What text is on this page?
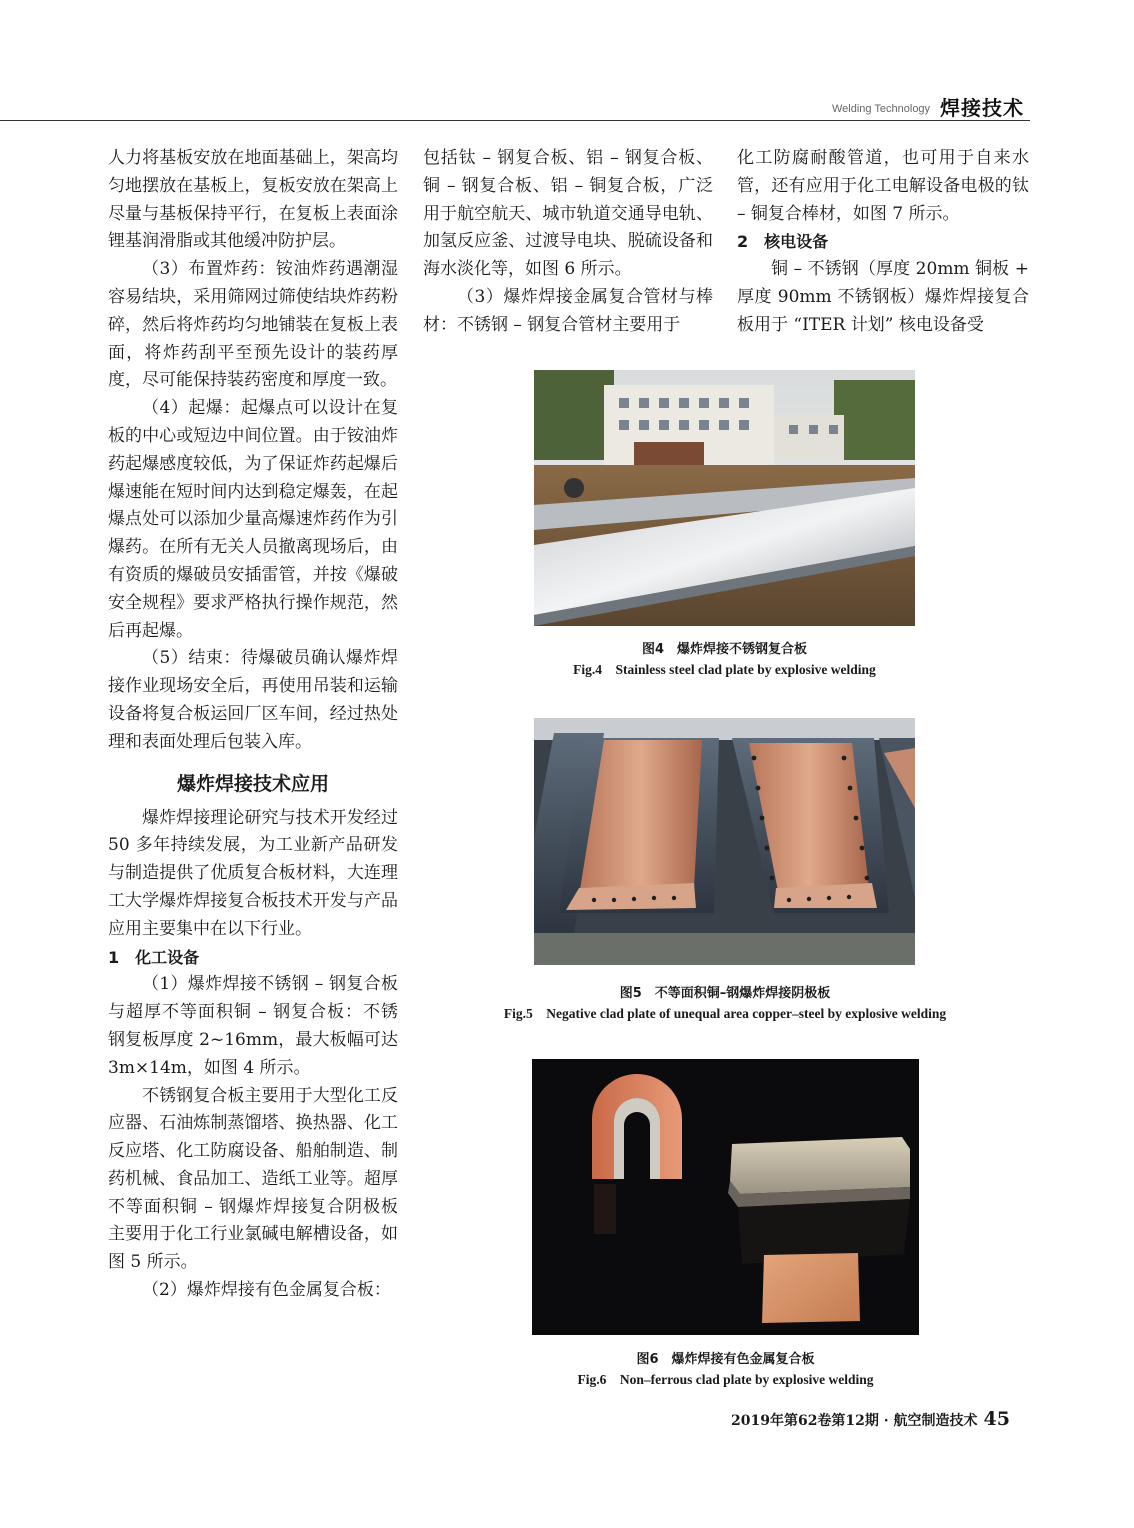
Welding Technology 焊接技术

人力将基板安放在地面基础上，架高均匀地摆放在基板上，复板安放在架高上尽量与基板保持平行，在复板上表面涂锂基润滑脂或其他缓冲防护层。

（3）布置炸药：铵油炸药遇潮湿容易结块，采用筛网过筛使结块炸药粉碎，然后将炸药均匀地铺装在复板上表面，将炸药刮平至预先设计的装药厚度，尽可能保持装药密度和厚度一致。

（4）起爆：起爆点可以设计在复板的中心或短边中间位置。由于铵油炸药起爆感度较低，为了保证炸药起爆后爆速能在短时间内达到稳定爆轰，在起爆点处可以添加少量高爆速炸药作为引爆药。在所有无关人员撤离现场后，由有资质的爆破员安插雷管，并按《爆破安全规程》要求严格执行操作规范，然后再起爆。

（5）结束：待爆破员确认爆炸焊接作业现场安全后，再使用吊装和运输设备将复合板运回厂区车间，经过热处理和表面处理后包装入库。

爆炸焊接技术应用

爆炸焊接理论研究与技术开发经过 50 多年持续发展，为工业新产品研发与制造提供了优质复合板材料，大连理工大学爆炸焊接复合板技术开发与产品应用主要集中在以下行业。

1　化工设备

（1）爆炸焊接不锈钢 – 钢复合板与超厚不等面积铜 – 钢复合板：不锈钢复板厚度 2~16mm，最大板幅可达 3m×14m，如图 4 所示。

不锈钢复合板主要用于大型化工反应器、石油炼制蒸馏塔、换热器、化工反应塔、化工防腐设备、船舶制造、制药机械、食品加工、造纸工业等。超厚不等面积铜 – 钢爆炸焊接复合阴极板主要用于化工行业氯碱电解槽设备，如图 5 所示。

（2）爆炸焊接有色金属复合板：

包括钛 – 钢复合板、铝 – 钢复合板、铜 – 钢复合板、铝 – 铜复合板，广泛用于航空航天、城市轨道交通导电轨、加氢反应釜、过渡导电块、脱硫设备和海水淡化等，如图 6 所示。

（3）爆炸焊接金属复合管材与棒材：不锈钢 – 钢复合管材主要用于

化工防腐耐酸管道，也可用于自来水管，还有应用于化工电解设备电极的钛 – 铜复合棒材，如图 7 所示。

2　核电设备

铜 – 不锈钢（厚度 20mm 铜板 + 厚度 90mm 不锈钢板）爆炸焊接复合板用于 “ITER 计划” 核电设备受

图4　爆炸焊接不锈钢复合板
Fig.4　Stainless steel clad plate by explosive welding
图5　不等面积铜–钢爆炸焊接阴极板
Fig.5　Negative clad plate of unequal area copper–steel by explosive welding
图6　爆炸焊接有色金属复合板
Fig.6　Non–ferrous clad plate by explosive welding
2019年第62卷第12期 · 航空制造技术 45
